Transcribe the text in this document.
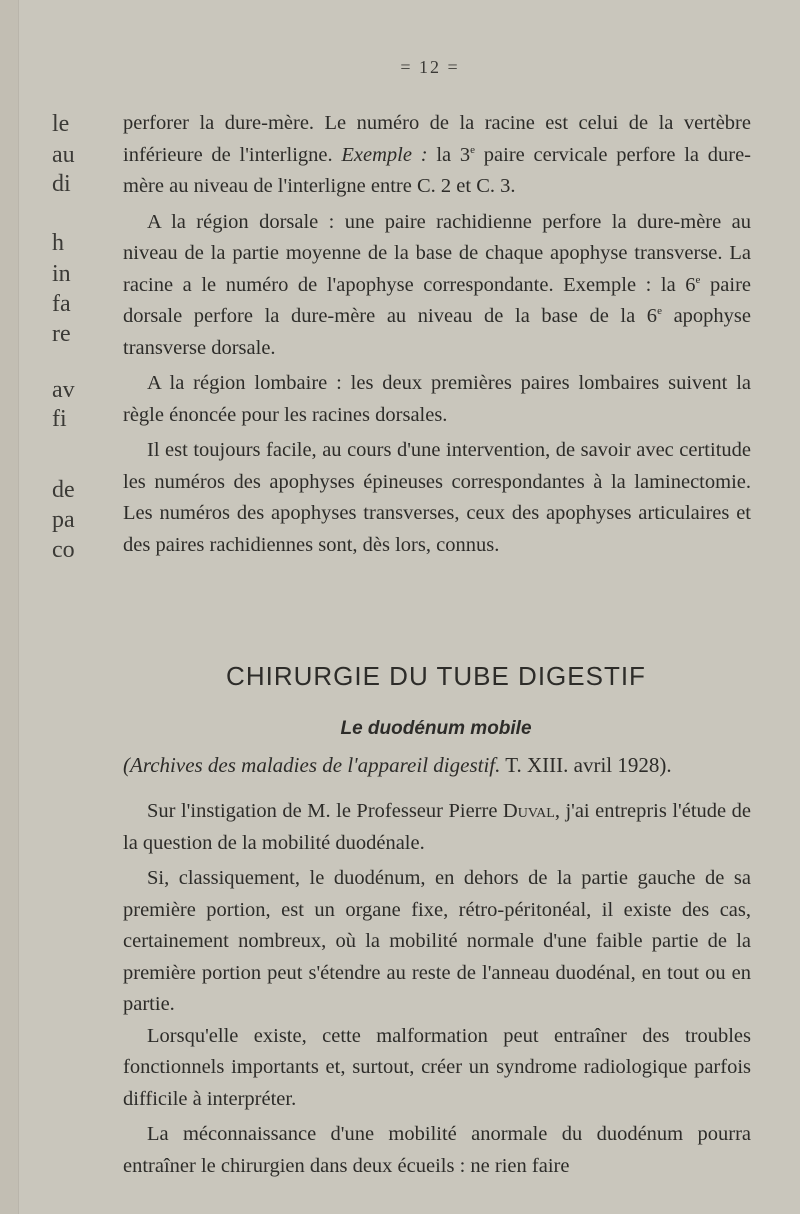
le
au
di
h
in
fa
re
av
fi
de
pa
co
= 12 =

perforer la dure-mère. Le numéro de la racine est celui de la vertèbre inférieure de l'interligne. Exemple : la 3e paire cervicale perfore la dure-mère au niveau de l'interligne entre C. 2 et C. 3.

A la région dorsale : une paire rachidienne perfore la dure-mère au niveau de la partie moyenne de la base de chaque apophyse transverse. La racine a le numéro de l'apophyse correspondante. Exemple : la 6e paire dorsale perfore la dure-mère au niveau de la base de la 6e apophyse transverse dorsale.

A la région lombaire : les deux premières paires lombaires suivent la règle énoncée pour les racines dorsales.

Il est toujours facile, au cours d'une intervention, de savoir avec certitude les numéros des apophyses épineuses correspondantes à la laminectomie. Les numéros des apophyses transverses, ceux des apophyses articulaires et des paires rachidiennes sont, dès lors, connus.

CHIRURGIE DU TUBE DIGESTIF
Le duodénum mobile
(Archives des maladies de l'appareil digestif. T. XIII. avril 1928).

Sur l'instigation de M. le Professeur Pierre Duval, j'ai entrepris l'étude de la question de la mobilité duodénale.

Si, classiquement, le duodénum, en dehors de la partie gauche de sa première portion, est un organe fixe, rétro-péritonéal, il existe des cas, certainement nombreux, où la mobilité normale d'une faible partie de la première portion peut s'étendre au reste de l'anneau duodénal, en tout ou en partie.

Lorsqu'elle existe, cette malformation peut entraîner des troubles fonctionnels importants et, surtout, créer un syndrome radiologique parfois difficile à interpréter.

La méconnaissance d'une mobilité anormale du duodénum pourra entraîner le chirurgien dans deux écueils : ne rien faire
